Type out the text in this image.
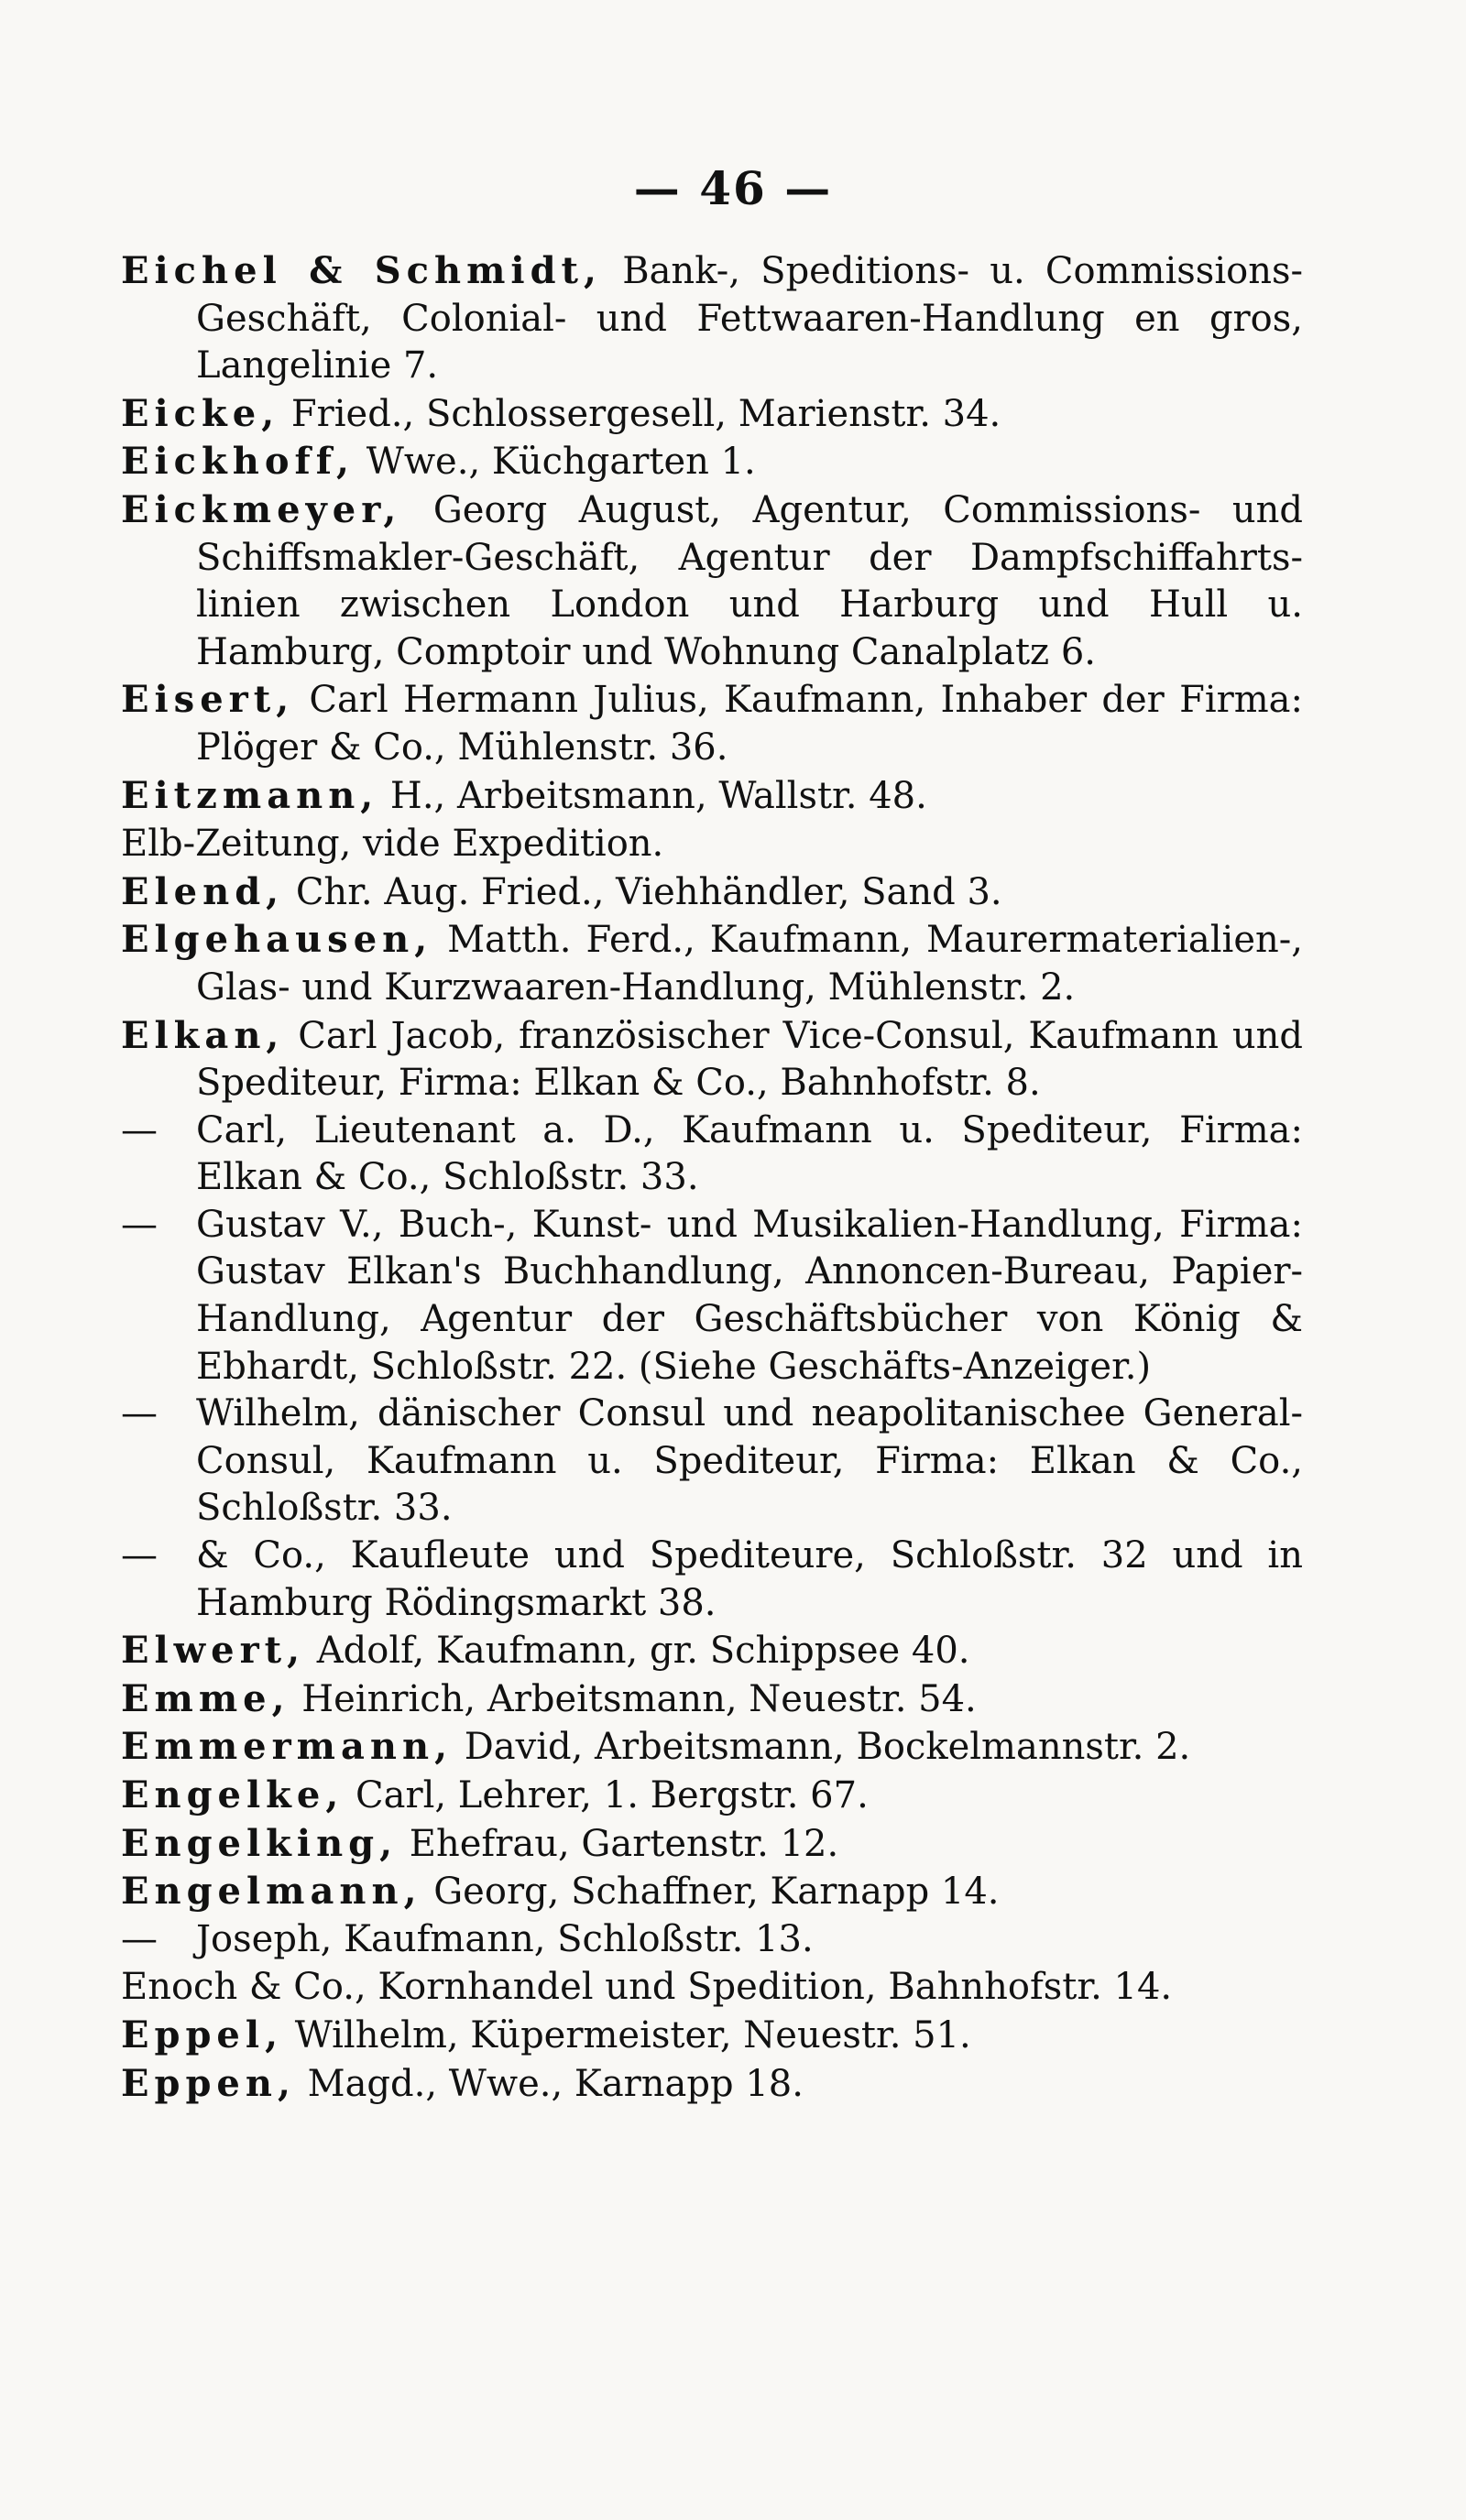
— 46 —

Eichel & Schmidt, Bank-, Speditions- u. Commissions-Geschäft, Colonial- und Fettwaaren-Handlung en gros, Langelinie 7.

Eicke, Fried., Schlossergesell, Marienstr. 34.

Eickhoff, Wwe., Küchgarten 1.

Eickmeyer, Georg August, Agentur, Commissions- und Schiffsmakler-Geschäft, Agentur der Dampfschiffahrts-linien zwischen London und Harburg und Hull u. Hamburg, Comptoir und Wohnung Canalplatz 6.

Eisert, Carl Hermann Julius, Kaufmann, Inhaber der Firma: Plöger & Co., Mühlenstr. 36.

Eitzmann, H., Arbeitsmann, Wallstr. 48.

Elb-Zeitung, vide Expedition.

Elend, Chr. Aug. Fried., Viehhändler, Sand 3.

Elgehausen, Matth. Ferd., Kaufmann, Maurermaterialien-, Glas- und Kurzwaaren-Handlung, Mühlenstr. 2.

Elkan, Carl Jacob, französischer Vice-Consul, Kaufmann und Spediteur, Firma: Elkan & Co., Bahnhofstr. 8.

— Carl, Lieutenant a. D., Kaufmann u. Spediteur, Firma: Elkan & Co., Schloßstr. 33.

— Gustav V., Buch-, Kunst- und Musikalien-Handlung, Firma: Gustav Elkan's Buchhandlung, Annoncen-Bureau, Papier-Handlung, Agentur der Geschäftsbücher von König & Ebhardt, Schloßstr. 22. (Siehe Geschäfts-Anzeiger.)

— Wilhelm, dänischer Consul und neapolitanischee General-Consul, Kaufmann u. Spediteur, Firma: Elkan & Co., Schloßstr. 33.

— & Co., Kaufleute und Spediteure, Schloßstr. 32 und in Hamburg Rödingsmarkt 38.

Elwert, Adolf, Kaufmann, gr. Schippsee 40.

Emme, Heinrich, Arbeitsmann, Neuestr. 54.

Emmermann, David, Arbeitsmann, Bockelmannstr. 2.

Engelke, Carl, Lehrer, 1. Bergstr. 67.

Engelking, Ehefrau, Gartenstr. 12.

Engelmann, Georg, Schaffner, Karnapp 14.

— Joseph, Kaufmann, Schloßstr. 13.

Enoch & Co., Kornhandel und Spedition, Bahnhofstr. 14.

Eppel, Wilhelm, Küpermeister, Neuestr. 51.

Eppen, Magd., Wwe., Karnapp 18.
